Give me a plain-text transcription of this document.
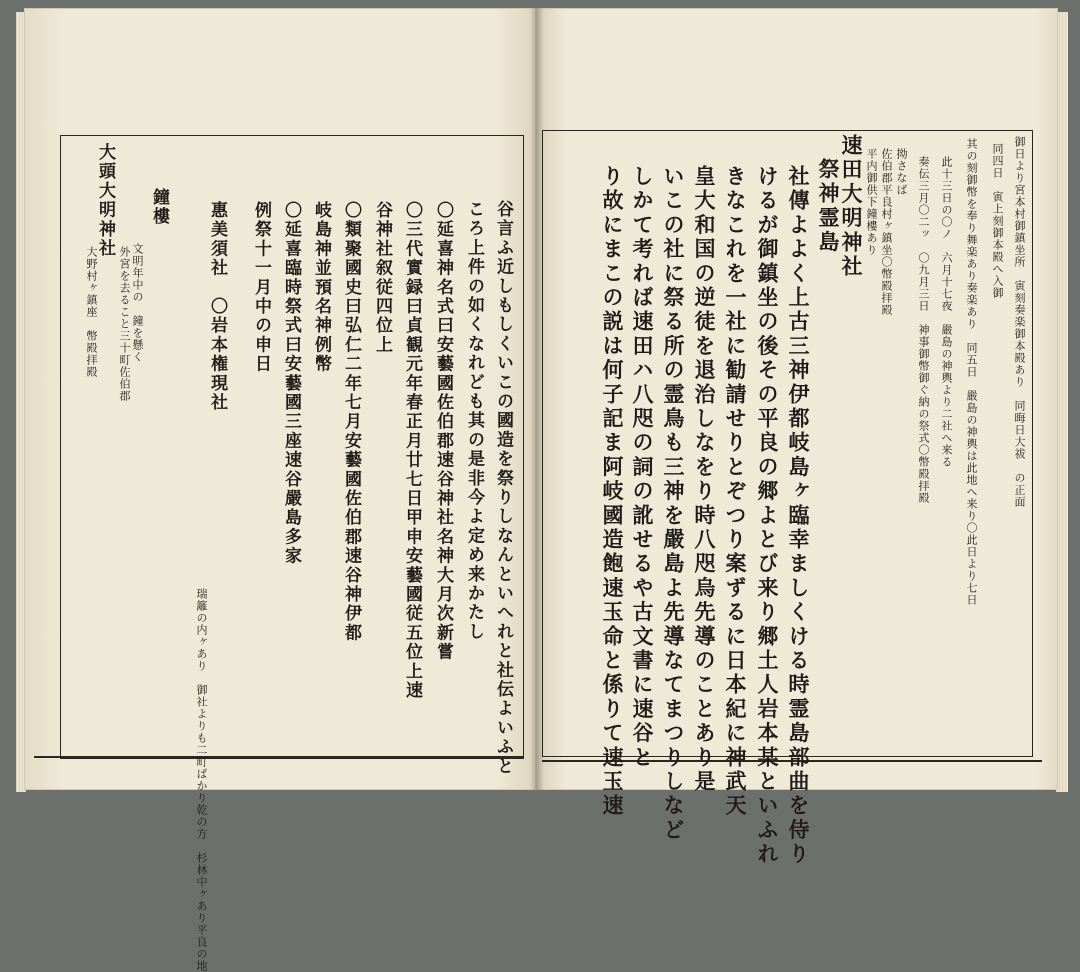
谷言ふ近しもしくいこの國造を祭りしなんといへれと社伝よいふと
ころ上件の如くなれども其の是非今よ定め来かたし
〇延喜神名式曰安藝國佐伯郡速谷神社名神大月次新嘗
〇三代實録曰貞観元年春正月廿七日甲申安藝國従五位上速
谷神社叙従四位上
〇類聚國史曰弘仁二年七月安藝國佐伯郡速谷神伊都
岐島神並預名神例幣
〇延喜臨時祭式曰安藝國三座速谷嚴島多家
例祭十一月中の申日
惠美須社　〇岩本権現社
鐘樓
大頭大明神社
瑞籬の内ヶあり　御社よりも二町ばかり乾の方　杉林中ヶあり平良の地
文明年中の　鐘を懸く
外宮を去ること三十町佐伯郡
大野村ヶ鎮座　幣殿拝殿
速田大明神社
祭神霊島
社傳よよく上古三神伊都岐島ヶ臨幸ましくける時霊島部曲を侍り
けるが御鎮坐の後その平良の郷よとび来り郷土人岩本某といふれ
きなこれを一社に勧請せりとぞつり案ずるに日本紀に神武天
皇大和国の逆徒を退治しなをり時八咫烏先導のことあり是
いこの社に祭る所の霊鳥も三神を嚴島よ先導なてまつりしなど
しかて考れば速田ハ八咫の詞の訛せるや古文書に速谷と
り故にまこの説は何子記ま阿岐國造飽速玉命と係りて速玉速	平内御供下鐘樓あり 佐伯郡平良村ヶ鎮坐〇幣殿拝殿 拗さなば 奏伝三月〇二ッ　〇九月三日　神事御幣御ぐ納の祭式〇幣殿拝殿 此十三日の〇ノ　六月十七夜　嚴島の神輿より二社へ来る 其の刻御幣を奉り舞楽あり奏楽あり　同五日　嚴島の神輿は此地へ来り〇此日より七日 同四日　寅上刻御本殿へ入御 御日より宮本村御鎮坐所　寅刻奏楽御本殿あり　同晦日大祓　の正面
